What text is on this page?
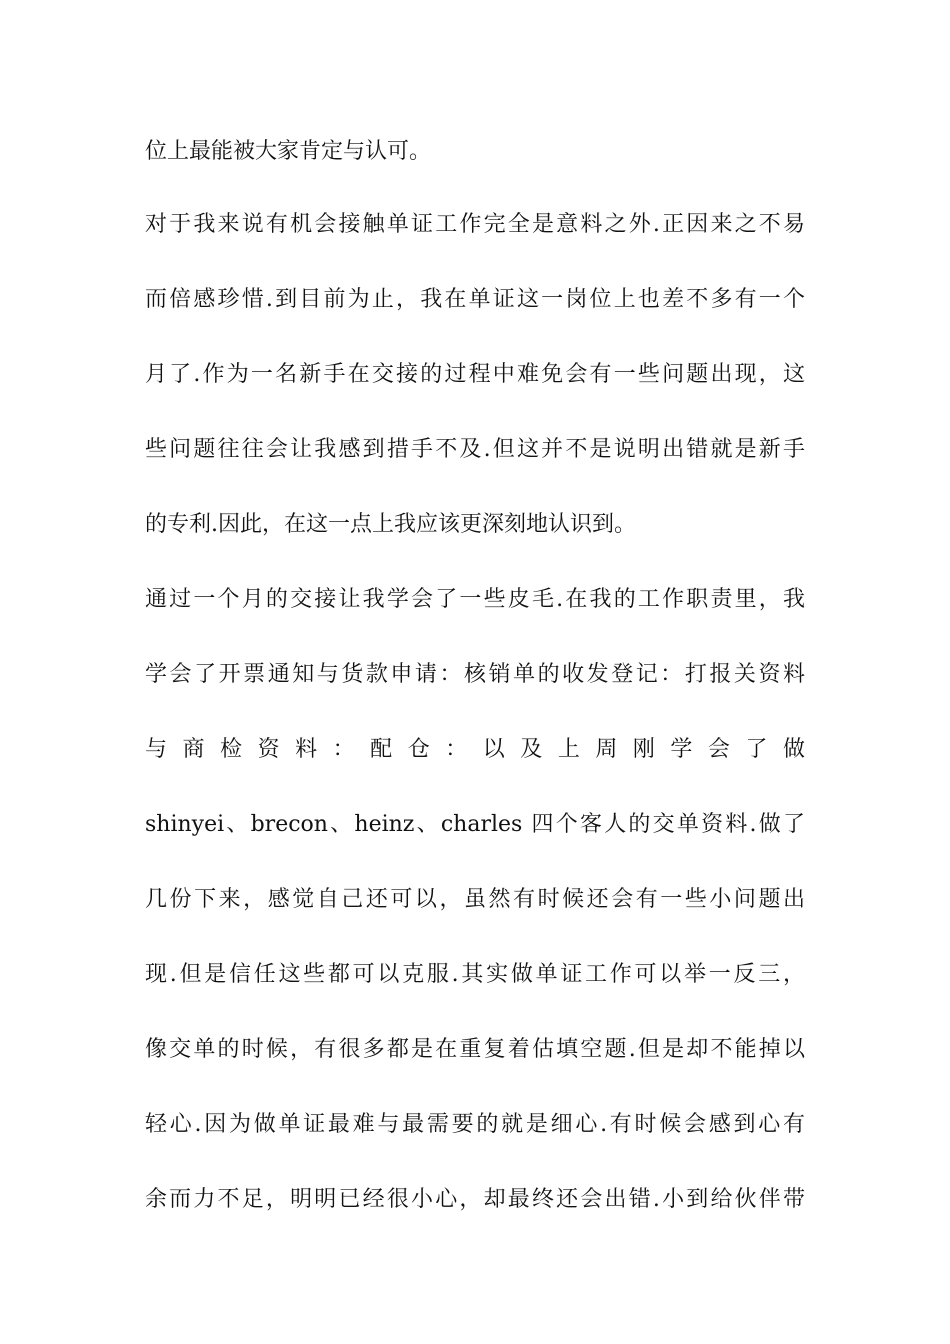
位上最能被大家肯定与认可。
对于我来说有机会接触单证工作完全是意料之外.正因来之不易
而倍感珍惜.到目前为止，我在单证这一岗位上也差不多有一个
月了.作为一名新手在交接的过程中难免会有一些问题出现，这
些问题往往会让我感到措手不及.但这并不是说明出错就是新手
的专利.因此，在这一点上我应该更深刻地认识到。
通过一个月的交接让我学会了一些皮毛.在我的工作职责里，我
学会了开票通知与货款申请：核销单的收发登记：打报关资料
与 商 检 资 料 ： 配 仓 ： 以 及 上 周 刚 学 会 了 做
shinyei、brecon、heinz、charles 四个客人的交单资料.做了
几份下来，感觉自己还可以，虽然有时候还会有一些小问题出
现.但是信任这些都可以克服.其实做单证工作可以举一反三，
像交单的时候，有很多都是在重复着估填空题.但是却不能掉以
轻心.因为做单证最难与最需要的就是细心.有时候会感到心有
余而力不足，明明已经很小心，却最终还会出错.小到给伙伴带
